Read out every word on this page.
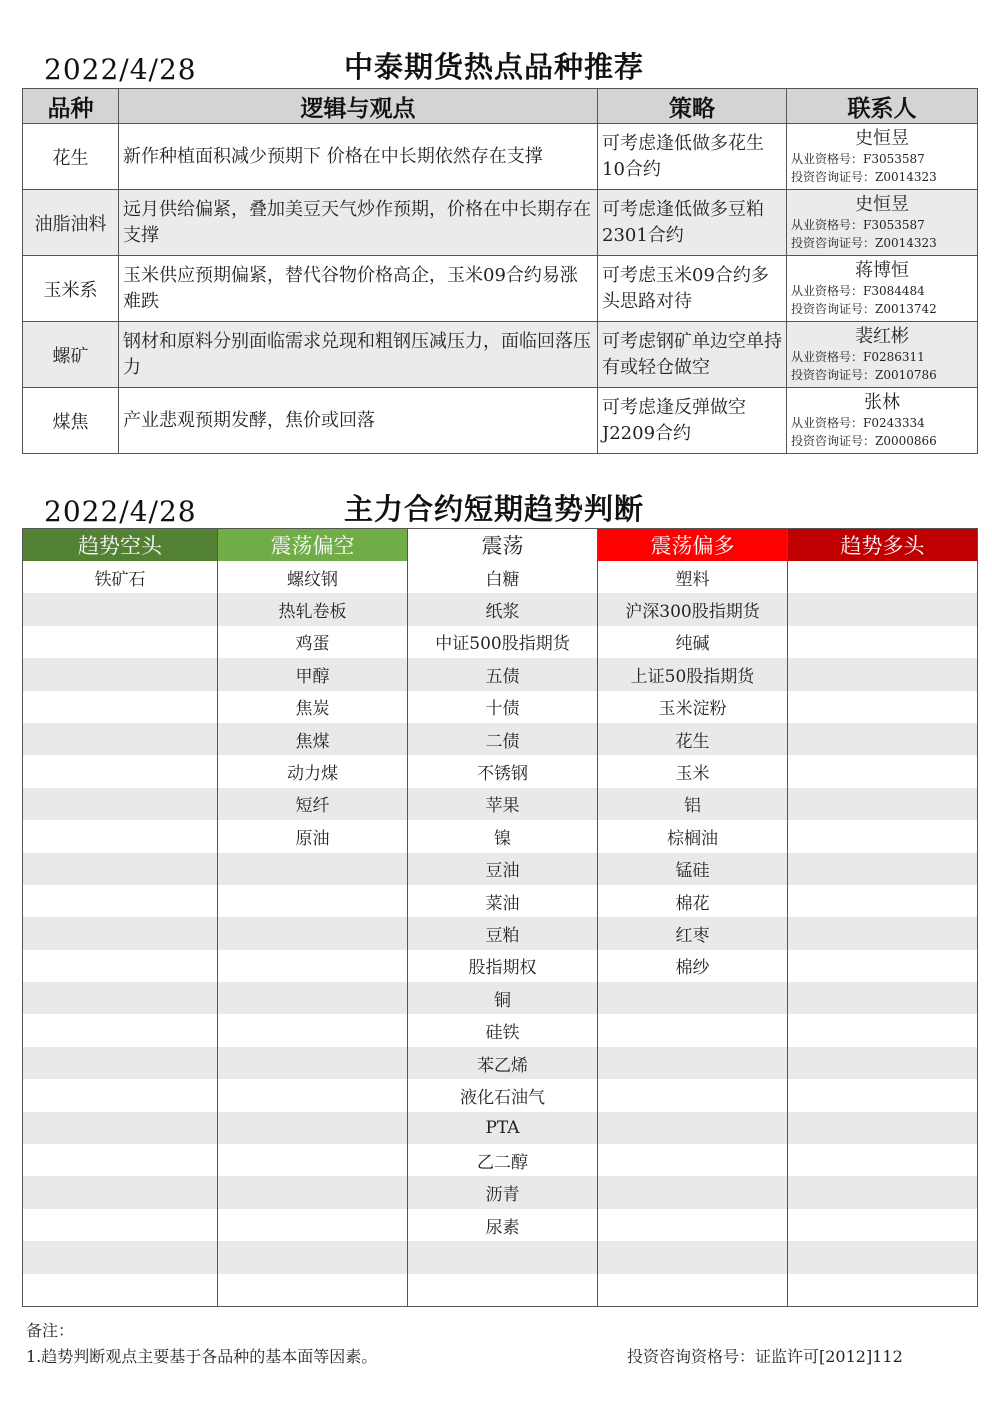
2022/4/28	中泰期货热点品种推荐
品种	逻辑与观点	策略	联系人
花生	新作种植面积减少预期下 价格在中长期依然存在支撑	可考虑逢低做多花生10合约	史恒昱
从业资格号：F3053587
投资咨询证号：Z0014323

油脂油料	远月供给偏紧，叠加美豆天气炒作预期，价格在中长期存在支撑	可考虑逢低做多豆粕2301合约	史恒昱
从业资格号：F3053587
投资咨询证号：Z0014323

玉米系	玉米供应预期偏紧，替代谷物价格高企，玉米09合约易涨难跌	可考虑玉米09合约多头思路对待	蒋博恒
从业资格号：F3084484
投资咨询证号：Z0013742

螺矿	钢材和原料分别面临需求兑现和粗钢压减压力，面临回落压力	可考虑钢矿单边空单持有或轻仓做空	裴红彬
从业资格号：F0286311
投资咨询证号：Z0010786

煤焦	产业悲观预期发酵，焦价或回落	可考虑逢反弹做空J2209合约	张林
从业资格号：F0243334
投资咨询证号：Z0000866
2022/4/28	主力合约短期趋势判断
趋势空头	震荡偏空	震荡	震荡偏多	趋势多头
铁矿石	螺纹钢	白糖	塑料	
	热轧卷板	纸浆	沪深300股指期货	
	鸡蛋	中证500股指期货	纯碱	
	甲醇	五债	上证50股指期货	
	焦炭	十债	玉米淀粉	
	焦煤	二债	花生	
	动力煤	不锈钢	玉米	
	短纤	苹果	铝	
	原油	镍	棕榈油	
		豆油	锰硅	
		菜油	棉花	
		豆粕	红枣	
		股指期权	棉纱	
		铜		
		硅铁		
		苯乙烯		
		液化石油气		
		PTA		
		乙二醇		
		沥青		
		尿素		

备注：
1.趋势判断观点主要基于各品种的基本面等因素。	投资咨询资格号：证监许可[2012]112
